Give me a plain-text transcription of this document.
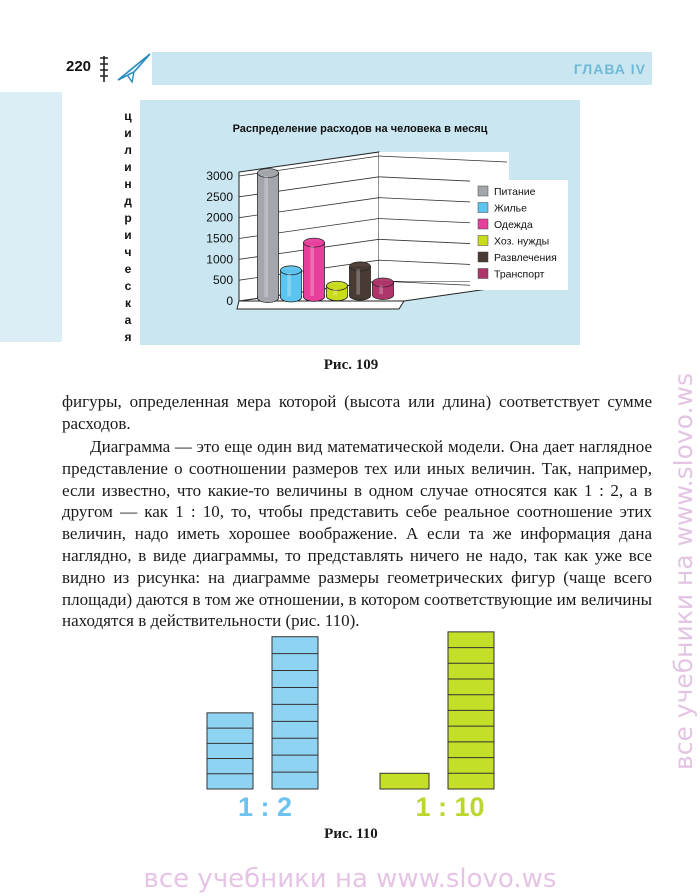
220	ГЛАВА IV
ц
и
л
и
н
д
р
и
ч
е
с
к
а
я
Распределение расходов на человека в месяц
0
500
1000
1500
2000
2500
3000
Питание
Жилье
Одежда
Хоз. нужды
Развлечения
Транспорт
Рис. 109

фигуры, определенная мера которой (высота или длина) соответствует сумме расходов.

Диаграмма — это еще один вид математической модели. Она дает наглядное представление о соотношении размеров тех или иных величин. Так, например, если известно, что какие-то величины в одном случае относятся как 1 : 2, а в другом — как 1 : 10, то, чтобы представить себе реальное соотношение этих величин, надо иметь хорошее воображение. А если та же информация дана наглядно, в виде диаграммы, то представлять ничего не надо, так как уже все видно из рисунка: на диаграмме размеры геометрических фигур (чаще всего площади) даются в том же отношении, в котором соответствующие им величины находятся в действительности (рис. 110).

1 : 2	1 : 10
Рис. 110
все учебники на www.slovo.ws
все учебники на www.slovo.ws
